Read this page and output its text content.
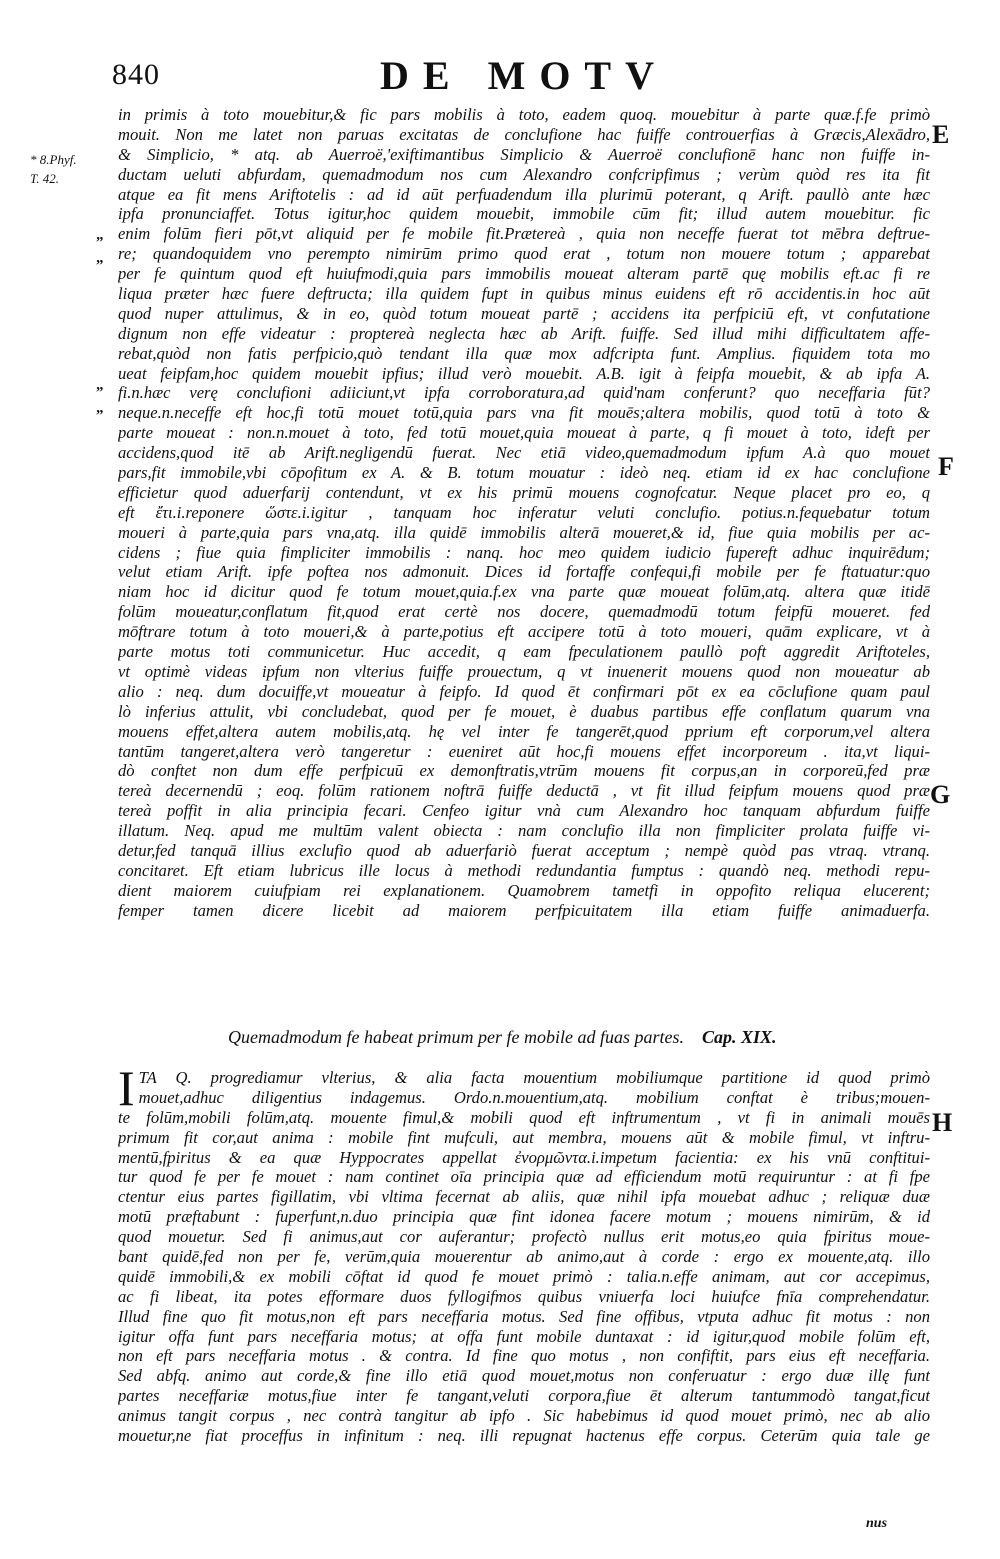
840	DE MOTV
* 8.Phyf.
T. 42.
„
„
„
„
E
F
G
H
in primis à toto mouebitur,& fic pars mobilis à toto, eadem quoq. mouebitur à parte quæ.f.fe primò
mouit. Non me latet non paruas excitatas de conclufione hac fuiffe controuerfias à Græcis,Alexādro,
& Simplicio, * atq. ab Auerroë,'exiftimantibus Simplicio & Auerroë conclufionē hanc non fuiffe in-
ductam ueluti abfurdam, quemadmodum nos cum Alexandro confcripfimus ; verùm quòd res ita fit
atque ea fit mens Ariftotelis : ad id aūt perfuadendum illa plurimū poterant, q Arift. paullò ante hæc
ipfa pronunciaffet. Totus igitur,hoc quidem mouebit, immobile cūm fit; illud autem mouebitur. fic
enim folūm fieri pōt,vt aliquid per fe mobile fit.Prætereà , quia non neceffe fuerat tot mēbra deftrue-
re; quandoquidem vno perempto nimirūm primo quod erat , totum non mouere totum ; apparebat
per fe quintum quod eft huiufmodi,quia pars immobilis moueat alteram partē quę mobilis eft.ac fi re
liqua præter hæc fuere deftructa; illa quidem fupt in quibus minus euidens eft rō accidentis.in hoc aūt
quod nuper attulimus, & in eo, quòd totum moueat partē ; accidens ita perfpiciū eft, vt confutatione
dignum non effe videatur : proptereà neglecta hæc ab Arift. fuiffe. Sed illud mihi difficultatem affe-
rebat,quòd non fatis perfpicio,quò tendant illa quæ mox adfcripta funt. Amplius. fiquidem tota mo
ueat feipfam,hoc quidem mouebit ipfius; illud verò mouebit. A.B. igit à feipfa mouebit, & ab ipfa A.
fi.n.hæc verę conclufioni adiiciunt,vt ipfa corroboratura,ad quid'nam conferunt? quo neceffaria fūt?
neque.n.neceffe eft hoc,fi totū mouet totū,quia pars vna fit mouēs;altera mobilis, quod totū à toto &
parte moueat : non.n.mouet à toto, fed totū mouet,quia moueat à parte, q fi mouet à toto, ideft per
accidens,quod itē ab Arift.negligendū fuerat. Nec etiā video,quemadmodum ipfum A.à quo mouet
pars,fit immobile,vbi cōpofitum ex A. & B. totum mouatur : ideò neq. etiam id ex hac conclufione
efficietur quod aduerfarij contendunt, vt ex his primū mouens cognofcatur. Neque placet pro eo, q
eft ἔτι.i.reponere ὥστε.i.igitur , tanquam hoc inferatur veluti conclufio. potius.n.fequebatur totum
moueri à parte,quia pars vna,atq. illa quidē immobilis alterā moueret,& id, fiue quia mobilis per ac-
cidens ; fiue quia fimpliciter immobilis : nanq. hoc meo quidem iudicio fupereft adhuc inquirēdum;
velut etiam Arift. ipfe poftea nos admonuit. Dices id fortaffe confequi,fi mobile per fe ftatuatur:quo
niam hoc id dicitur quod fe totum mouet,quia.f.ex vna parte quæ moueat folūm,atq. altera quæ itidē
folūm moueatur,conflatum fit,quod erat certè nos docere, quemadmodū totum feipfū moueret. fed
mōftrare totum à toto moueri,& à parte,potius eft accipere totū à toto moueri, quām explicare, vt à
parte motus toti communicetur. Huc accedit, q eam fpeculationem paullò poft aggredit Ariftoteles,
vt optimè videas ipfum non vlterius fuiffe prouectum, q vt inuenerit mouens quod non moueatur ab
alio : neq. dum docuiffe,vt moueatur à feipfo. Id quod ēt confirmari pōt ex ea cōclufione quam paul
lò inferius attulit, vbi concludebat, quod per fe mouet, è duabus partibus effe conflatum quarum vna
mouens effet,altera autem mobilis,atq. hę vel inter fe tangerēt,quod pprium eft corporum,vel altera
tantūm tangeret,altera verò tangeretur : eueniret aūt hoc,fi mouens effet incorporeum . ita,vt liqui-
dò conftet non dum effe perfpicuū ex demonftratis,vtrūm mouens fit corpus,an in corporeū,fed præ
tereà decernendū ; eoq. folūm rationem noftrā fuiffe deductā , vt fit illud feipfum mouens quod præ
tereà poffit in alia principia fecari. Cenfeo igitur vnà cum Alexandro hoc tanquam abfurdum fuiffe
illatum. Neq. apud me multūm valent obiecta : nam conclufio illa non fimpliciter prolata fuiffe vi-
detur,fed tanquā illius exclufio quod ab aduerfariò fuerat acceptum ; nempè quòd pas vtraq. vtranq.
concitaret. Eft etiam lubricus ille locus à methodi redundantia fumptus : quandò neq. methodi repu-
dient maiorem cuiufpiam rei explanationem. Quamobrem tametfi in oppofito reliqua elucerent;
femper tamen dicere licebit ad maiorem perfpicuitatem illa etiam fuiffe animaduerfa.
Quemadmodum fe habeat primum per fe mobile ad fuas partes. Cap. XIX.
I TA Q. progrediamur vlterius, & alia facta mouentium mobiliumque partitione id quod primò
mouet,adhuc diligentius indagemus. Ordo.n.mouentium,atq. mobilium conftat è tribus;mouen-
te folūm,mobili folūm,atq. mouente fimul,& mobili quod eft inftrumentum , vt fi in animali mouēs
primum fit cor,aut anima : mobile fint mufculi, aut membra, mouens aūt & mobile fimul, vt inftru-
mentū,fpiritus & ea quæ Hyppocrates appellat ἐνορμῶντα.i.impetum facientia: ex his vnū conftitui-
tur quod fe per fe mouet : nam continet oīa principia quæ ad efficiendum motū requiruntur : at fi fpe
ctentur eius partes figillatim, vbi vltima fecernat ab aliis, quæ nihil ipfa mouebat adhuc ; reliquæ duæ
motū præftabunt : fuperfunt,n.duo principia quæ fint idonea facere motum ; mouens nimirūm, & id
quod mouetur. Sed fi animus,aut cor auferantur; profectò nullus erit motus,eo quia fpiritus moue-
bant quidē,fed non per fe, verūm,quia mouerentur ab animo,aut à corde : ergo ex mouente,atq. illo
quidē immobili,& ex mobili cōftat id quod fe mouet primò : talia.n.effe animam, aut cor accepimus,
ac fi libeat, ita potes efformare duos fyllogifmos quibus vniuerfa loci huiufce fnīa comprehendatur.
Illud fine quo fit motus,non eft pars neceffaria motus. Sed fine offibus, vtputa adhuc fit motus : non
igitur offa funt pars neceffaria motus; at offa funt mobile duntaxat : id igitur,quod mobile folūm eft,
non eft pars neceffaria motus . & contra. Id fine quo motus , non confiftit, pars eius eft neceffaria.
Sed abfq. animo aut corde,& fine illo etiā quod mouet,motus non conferuatur : ergo duæ illę funt
partes neceffariæ motus,fiue inter fe tangant,veluti corpora,fiue ēt alterum tantummodò tangat,ficut
animus tangit corpus , nec contrà tangitur ab ipfo . Sic habebimus id quod mouet primò, nec ab alio
mouetur,ne fiat proceffus in infinitum : neq. illi repugnat hactenus effe corpus. Ceterūm quia tale ge
nus
